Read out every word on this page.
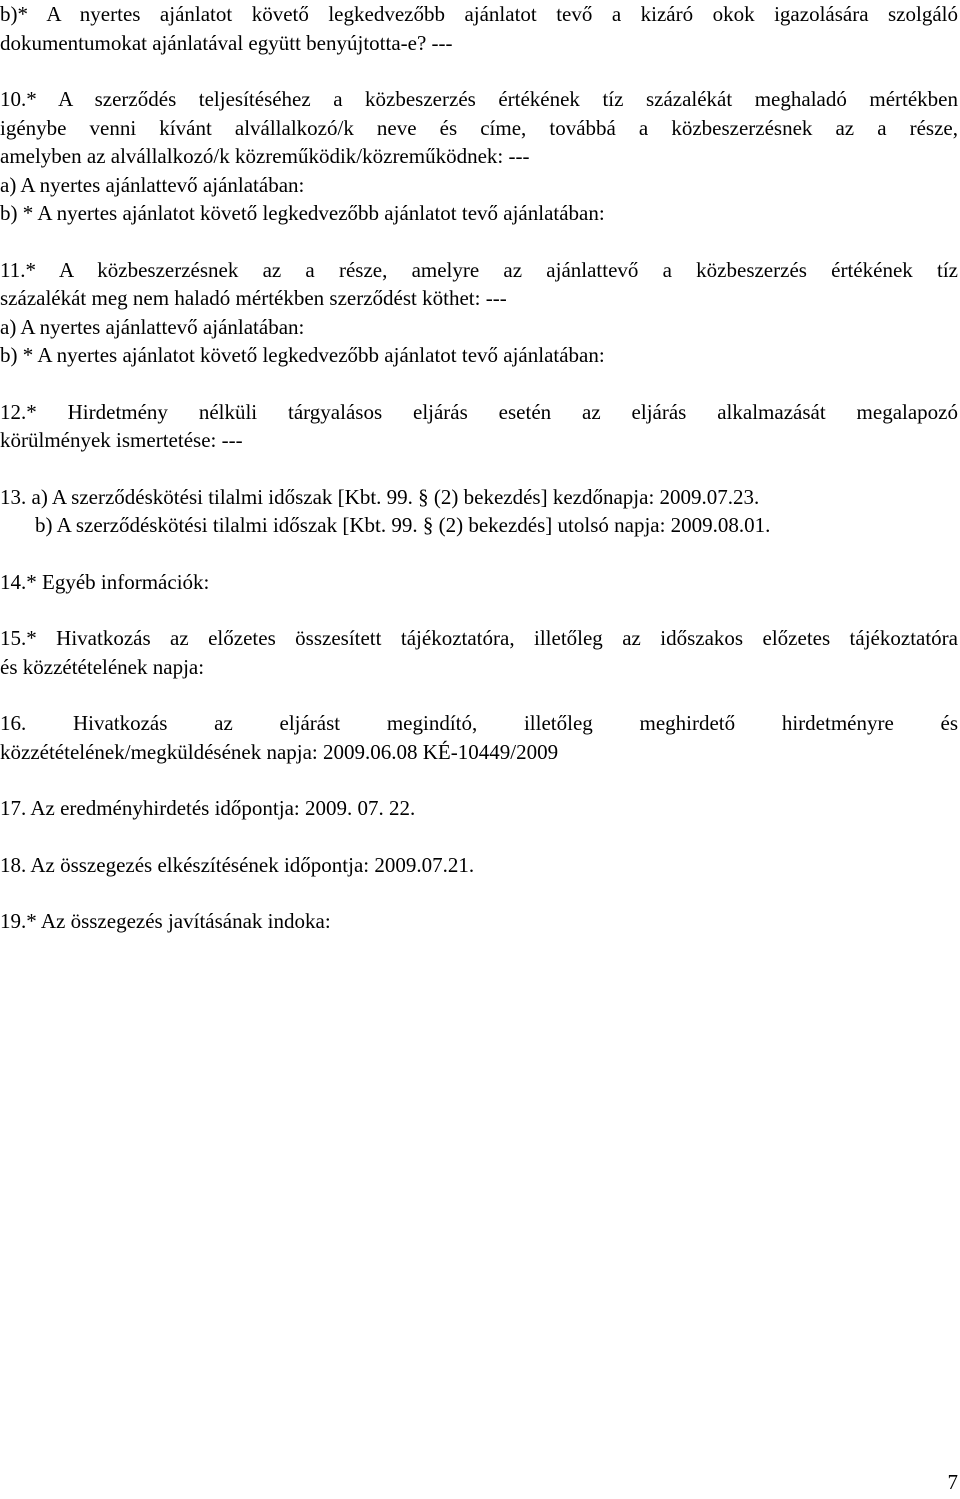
b)* A nyertes ajánlatot követő legkedvezőbb ajánlatot tevő a kizáró okok igazolására szolgáló

dokumentumokat ajánlatával együtt benyújtotta-e? ---

10.* A szerződés teljesítéséhez a közbeszerzés értékének tíz százalékát meghaladó mértékben

igénybe venni kívánt alvállalkozó/k neve és címe, továbbá a közbeszerzésnek az a része,

amelyben az alvállalkozó/k közreműködik/közreműködnek: ---

a) A nyertes ajánlattevő ajánlatában:

b) * A nyertes ajánlatot követő legkedvezőbb ajánlatot tevő ajánlatában:

11.* A közbeszerzésnek az a része, amelyre az ajánlattevő a közbeszerzés értékének tíz

százalékát meg nem haladó mértékben szerződést köthet: ---

a) A nyertes ajánlattevő ajánlatában:

b) * A nyertes ajánlatot követő legkedvezőbb ajánlatot tevő ajánlatában:

12.* Hirdetmény nélküli tárgyalásos eljárás esetén az eljárás alkalmazását megalapozó

körülmények ismertetése: ---

13. a) A szerződéskötési tilalmi időszak [Kbt. 99. § (2) bekezdés] kezdőnapja: 2009.07.23.

b) A szerződéskötési tilalmi időszak [Kbt. 99. § (2) bekezdés] utolsó napja: 2009.08.01.

14.* Egyéb információk:

15.* Hivatkozás az előzetes összesített tájékoztatóra, illetőleg az időszakos előzetes tájékoztatóra

és közzétételének napja:

16. Hivatkozás az eljárást megindító, illetőleg meghirdető hirdetményre és

közzétételének/megküldésének napja: 2009.06.08 KÉ-10449/2009

17. Az eredményhirdetés időpontja: 2009. 07. 22.

18. Az összegezés elkészítésének időpontja: 2009.07.21.

19.* Az összegezés javításának indoka:

7
